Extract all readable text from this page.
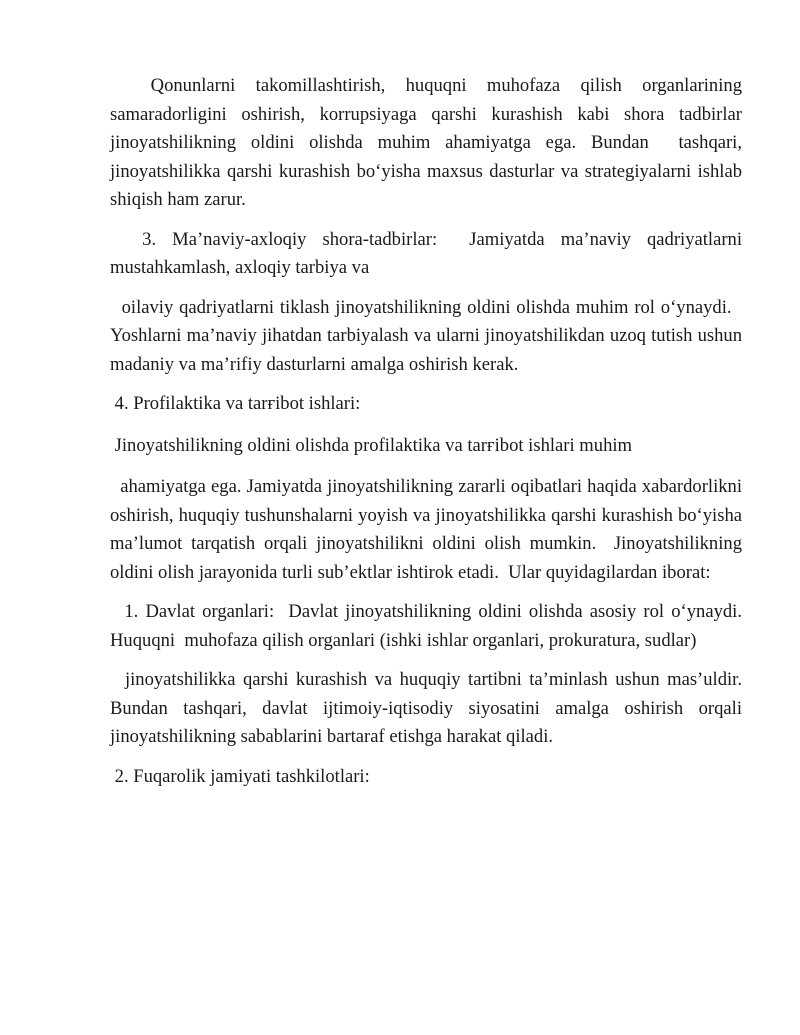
Qonunlarni takomillashtirish, huquqni muhofaza qilish organlarining samaradorligini oshirish, korrupsiyaga qarshi kurashish kabi shora tadbirlar jinoyatshilikning oldini olishda muhim ahamiyatga ega. Bundan  tashqari, jinoyatshilikka qarshi kurashish bo‘yisha maxsus dasturlar va strategiyalarni ishlab shiqish ham zarur.

3. Ma’naviy-axloqiy shora-tadbirlar:  Jamiyatda ma’naviy qadriyatlarni mustahkamlash, axloqiy tarbiya va

oilaviy qadriyatlarni tiklash jinoyatshilikning oldini olishda muhim rol o‘ynaydi.   Yoshlarni ma’naviy jihatdan tarbiyalash va ularni jinoyatshilikdan uzoq tutish ushun madaniy va ma’rifiy dasturlarni amalga oshirish kerak.

4. Profilaktika va tarғibot ishlari:

Jinoyatshilikning oldini olishda profilaktika va tarғibot ishlari muhim

ahamiyatga ega. Jamiyatda jinoyatshilikning zararli oqibatlari haqida xabardorlikni oshirish, huquqiy tushunshalarni yoyish va jinoyatshilikka qarshi kurashish bo‘yisha ma’lumot tarqatish orqali jinoyatshilikni oldini olish mumkin.  Jinoyatshilikning oldini olish jarayonida turli sub’ektlar ishtirok etadi.  Ular quyidagilardan iborat:

1. Davlat organlari:  Davlat jinoyatshilikning oldini olishda asosiy rol o‘ynaydi. Huquqni  muhofaza qilish organlari (ishki ishlar organlari, prokuratura, sudlar)

jinoyatshilikka qarshi kurashish va huquqiy tartibni ta’minlash ushun mas’uldir. Bundan tashqari, davlat ijtimoiy-iqtisodiy siyosatini amalga oshirish orqali jinoyatshilikning sabablarini bartaraf etishga harakat qiladi.

2. Fuqarolik jamiyati tashkilotlari:
